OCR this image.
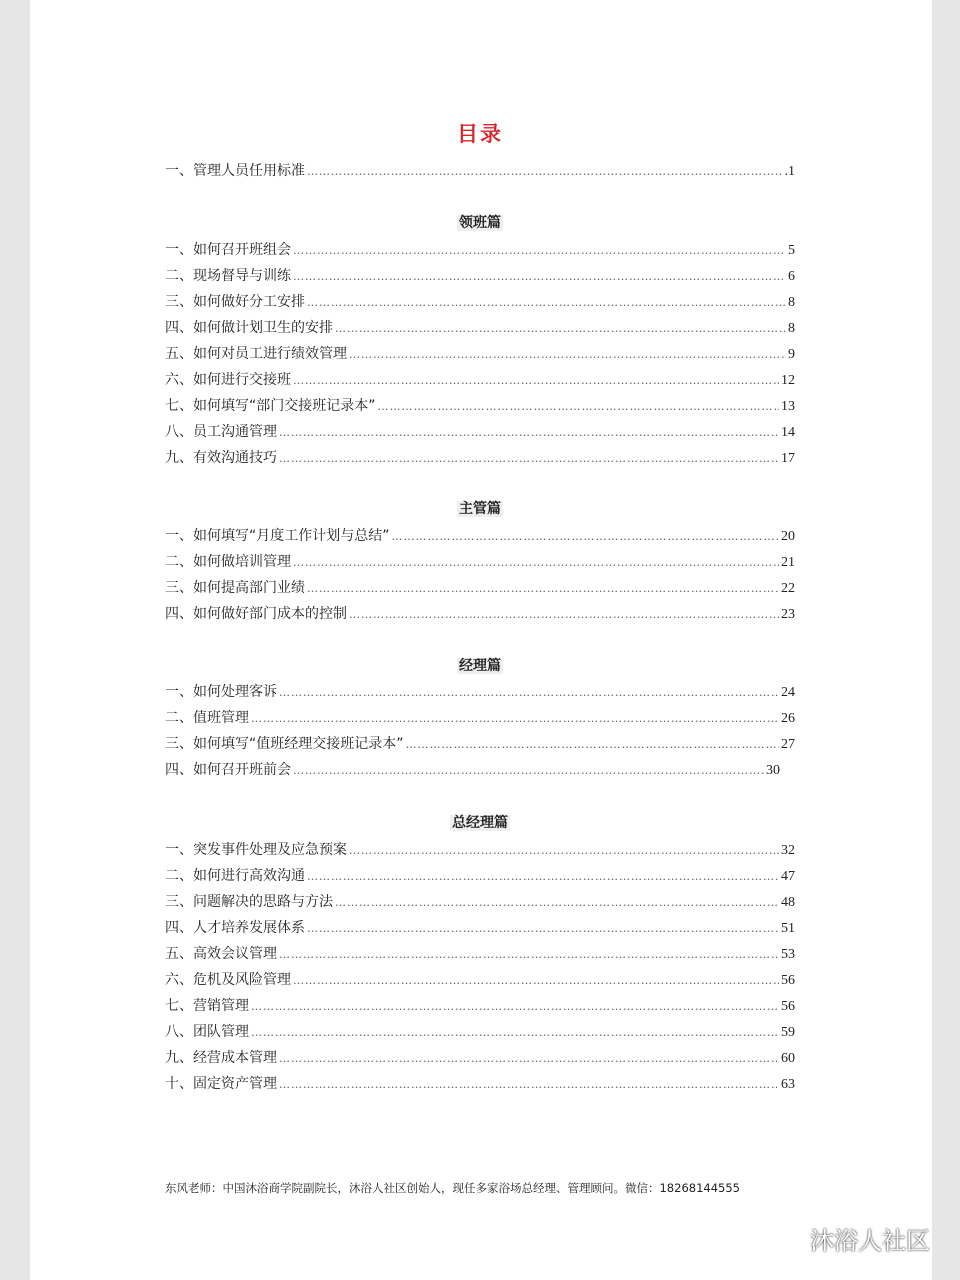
目录
一、管理人员任用标准 …………………………………………………………………………………………………………………………………………………………………………………………	.1
领班篇
一、如何召开班组会 …………………………………………………………………………………………………………………………………………………………………………………………	5
二、现场督导与训练 …………………………………………………………………………………………………………………………………………………………………………………………	6
三、如何做好分工安排 …………………………………………………………………………………………………………………………………………………………………………………………	8
四、如何做计划卫生的安排 …………………………………………………………………………………………………………………………………………………………………………………………	8
五、如何对员工进行绩效管理 …………………………………………………………………………………………………………………………………………………………………………………………	9
六、如何进行交接班 …………………………………………………………………………………………………………………………………………………………………………………………	12
七、如何填写“部门交接班记录本” …………………………………………………………………………………………………………………………………………………………………………………………	13
八、员工沟通管理 …………………………………………………………………………………………………………………………………………………………………………………………	14
九、有效沟通技巧 …………………………………………………………………………………………………………………………………………………………………………………………	17
主管篇
一、如何填写“月度工作计划与总结” …………………………………………………………………………………………………………………………………………………………………………………………	20
二、如何做培训管理 …………………………………………………………………………………………………………………………………………………………………………………………	21
三、如何提高部门业绩 …………………………………………………………………………………………………………………………………………………………………………………………	22
四、如何做好部门成本的控制 …………………………………………………………………………………………………………………………………………………………………………………………	23
经理篇
一、如何处理客诉 …………………………………………………………………………………………………………………………………………………………………………………………	24
二、值班管理 …………………………………………………………………………………………………………………………………………………………………………………………	26
三、如何填写“值班经理交接班记录本” …………………………………………………………………………………………………………………………………………………………………………………………	27
四、如何召开班前会 …………………………………………………………………………………………………………………………………………………………………………………………	30
总经理篇
一、突发事件处理及应急预案 …………………………………………………………………………………………………………………………………………………………………………………………	32
二、如何进行高效沟通 …………………………………………………………………………………………………………………………………………………………………………………………	47
三、问题解决的思路与方法 …………………………………………………………………………………………………………………………………………………………………………………………	48
四、人才培养发展体系 …………………………………………………………………………………………………………………………………………………………………………………………	51
五、高效会议管理 …………………………………………………………………………………………………………………………………………………………………………………………	53
六、危机及风险管理 …………………………………………………………………………………………………………………………………………………………………………………………	56
七、营销管理 …………………………………………………………………………………………………………………………………………………………………………………………	56
八、团队管理 …………………………………………………………………………………………………………………………………………………………………………………………	59
九、经营成本管理 …………………………………………………………………………………………………………………………………………………………………………………………	60
十、固定资产管理 …………………………………………………………………………………………………………………………………………………………………………………………	63
东风老师：中国沐浴商学院副院长，沐浴人社区创始人，现任多家浴场总经理、管理顾问。微信：18268144555
沐浴人社区
